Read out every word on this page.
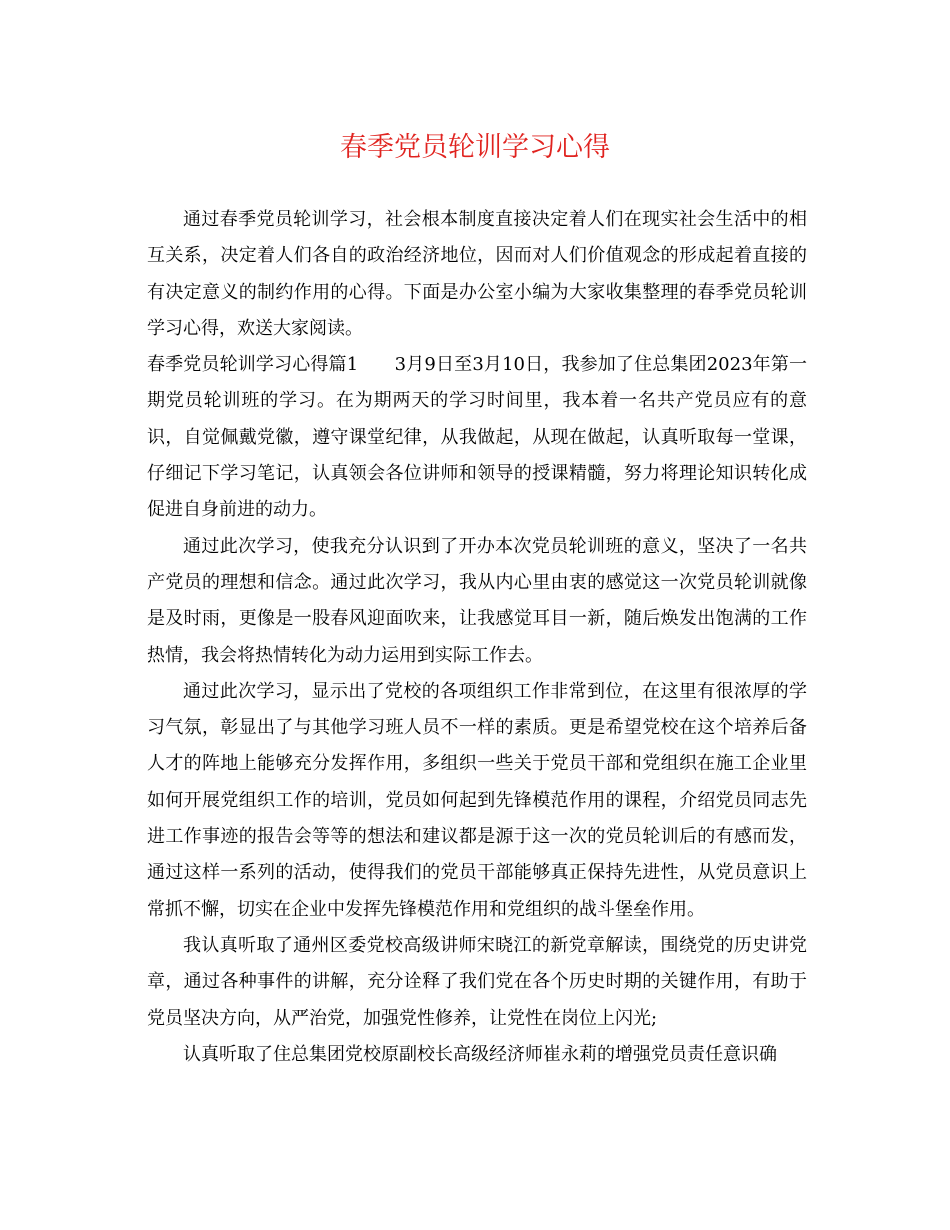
春季党员轮训学习心得

通过春季党员轮训学习，社会根本制度直接决定着人们在现实社会生活中的相互关系，决定着人们各自的政治经济地位，因而对人们价值观念的形成起着直接的有决定意义的制约作用的心得。下面是办公室小编为大家收集整理的春季党员轮训学习心得，欢送大家阅读。

春季党员轮训学习心得篇1　　3月9日至3月10日，我参加了住总集团2023年第一期党员轮训班的学习。在为期两天的学习时间里，我本着一名共产党员应有的意识，自觉佩戴党徽，遵守课堂纪律，从我做起，从现在做起，认真听取每一堂课，仔细记下学习笔记，认真领会各位讲师和领导的授课精髓，努力将理论知识转化成促进自身前进的动力。

通过此次学习，使我充分认识到了开办本次党员轮训班的意义，坚决了一名共产党员的理想和信念。通过此次学习，我从内心里由衷的感觉这一次党员轮训就像是及时雨，更像是一股春风迎面吹来，让我感觉耳目一新，随后焕发出饱满的工作热情，我会将热情转化为动力运用到实际工作去。

通过此次学习，显示出了党校的各项组织工作非常到位，在这里有很浓厚的学习气氛，彰显出了与其他学习班人员不一样的素质。更是希望党校在这个培养后备人才的阵地上能够充分发挥作用，多组织一些关于党员干部和党组织在施工企业里如何开展党组织工作的培训，党员如何起到先锋模范作用的课程，介绍党员同志先进工作事迹的报告会等等的想法和建议都是源于这一次的党员轮训后的有感而发，通过这样一系列的活动，使得我们的党员干部能够真正保持先进性，从党员意识上常抓不懈，切实在企业中发挥先锋模范作用和党组织的战斗堡垒作用。

我认真听取了通州区委党校高级讲师宋晓江的新党章解读，围绕党的历史讲党章，通过各种事件的讲解，充分诠释了我们党在各个历史时期的关键作用，有助于党员坚决方向，从严治党，加强党性修养，让党性在岗位上闪光;

认真听取了住总集团党校原副校长高级经济师崔永莉的增强党员责任意识确
